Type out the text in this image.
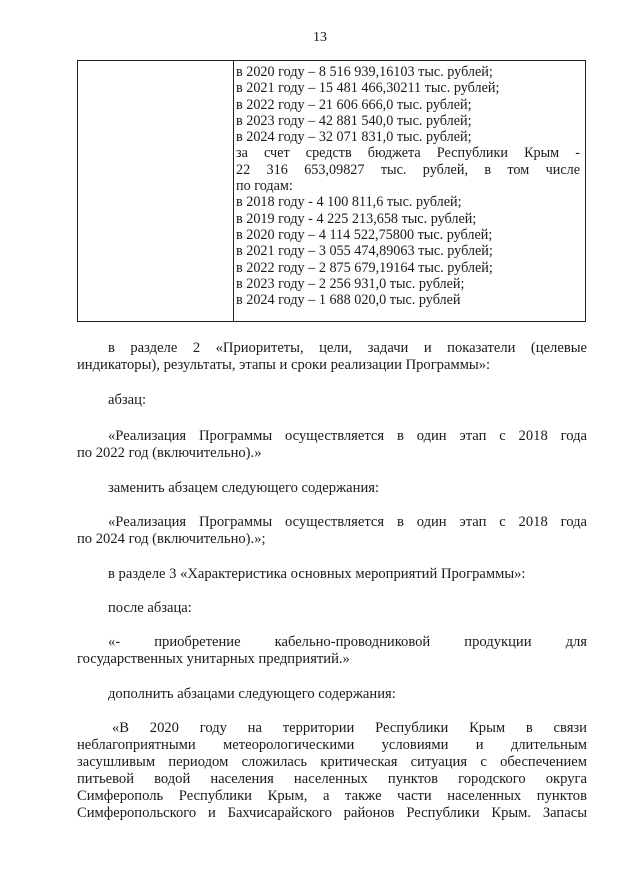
13
в 2020 году – 8 516 939,16103 тыс. рублей;
в 2021 году – 15 481 466,30211 тыс. рублей;
в 2022 году – 21 606 666,0 тыс. рублей;
в 2023 году – 42 881 540,0 тыс. рублей;
в 2024 году – 32 071 831,0 тыс. рублей;
за счет средств бюджета Республики Крым -
22 316 653,09827 тыс. рублей, в том числе
по годам:
в 2018 году - 4 100 811,6 тыс. рублей;
в 2019 году - 4 225 213,658 тыс. рублей;
в 2020 году – 4 114 522,75800 тыс. рублей;
в 2021 году – 3 055 474,89063 тыс. рублей;
в 2022 году – 2 875 679,19164 тыс. рублей;
в 2023 году – 2 256 931,0 тыс. рублей;
в 2024 году – 1 688 020,0 тыс. рублей
в разделе 2 «Приоритеты, цели, задачи и показатели (целевые
индикаторы), результаты, этапы и сроки реализации Программы»:
абзац:
«Реализация Программы осуществляется в один этап с 2018 года
по 2022 год (включительно).»
заменить абзацем следующего содержания:
«Реализация Программы осуществляется в один этап с 2018 года
по 2024 год (включительно).»;
в разделе 3 «Характеристика основных мероприятий Программы»:
после абзаца:
«- приобретение кабельно-проводниковой продукции для
государственных унитарных предприятий.»
дополнить абзацами следующего содержания:
«В 2020 году на территории Республики Крым в связи
неблагоприятными метеорологическими условиями и длительным
засушливым периодом сложилась критическая ситуация с обеспечением
питьевой водой населения населенных пунктов городского округа
Симферополь Республики Крым, а также части населенных пунктов
Симферопольского и Бахчисарайского районов Республики Крым. Запасы
